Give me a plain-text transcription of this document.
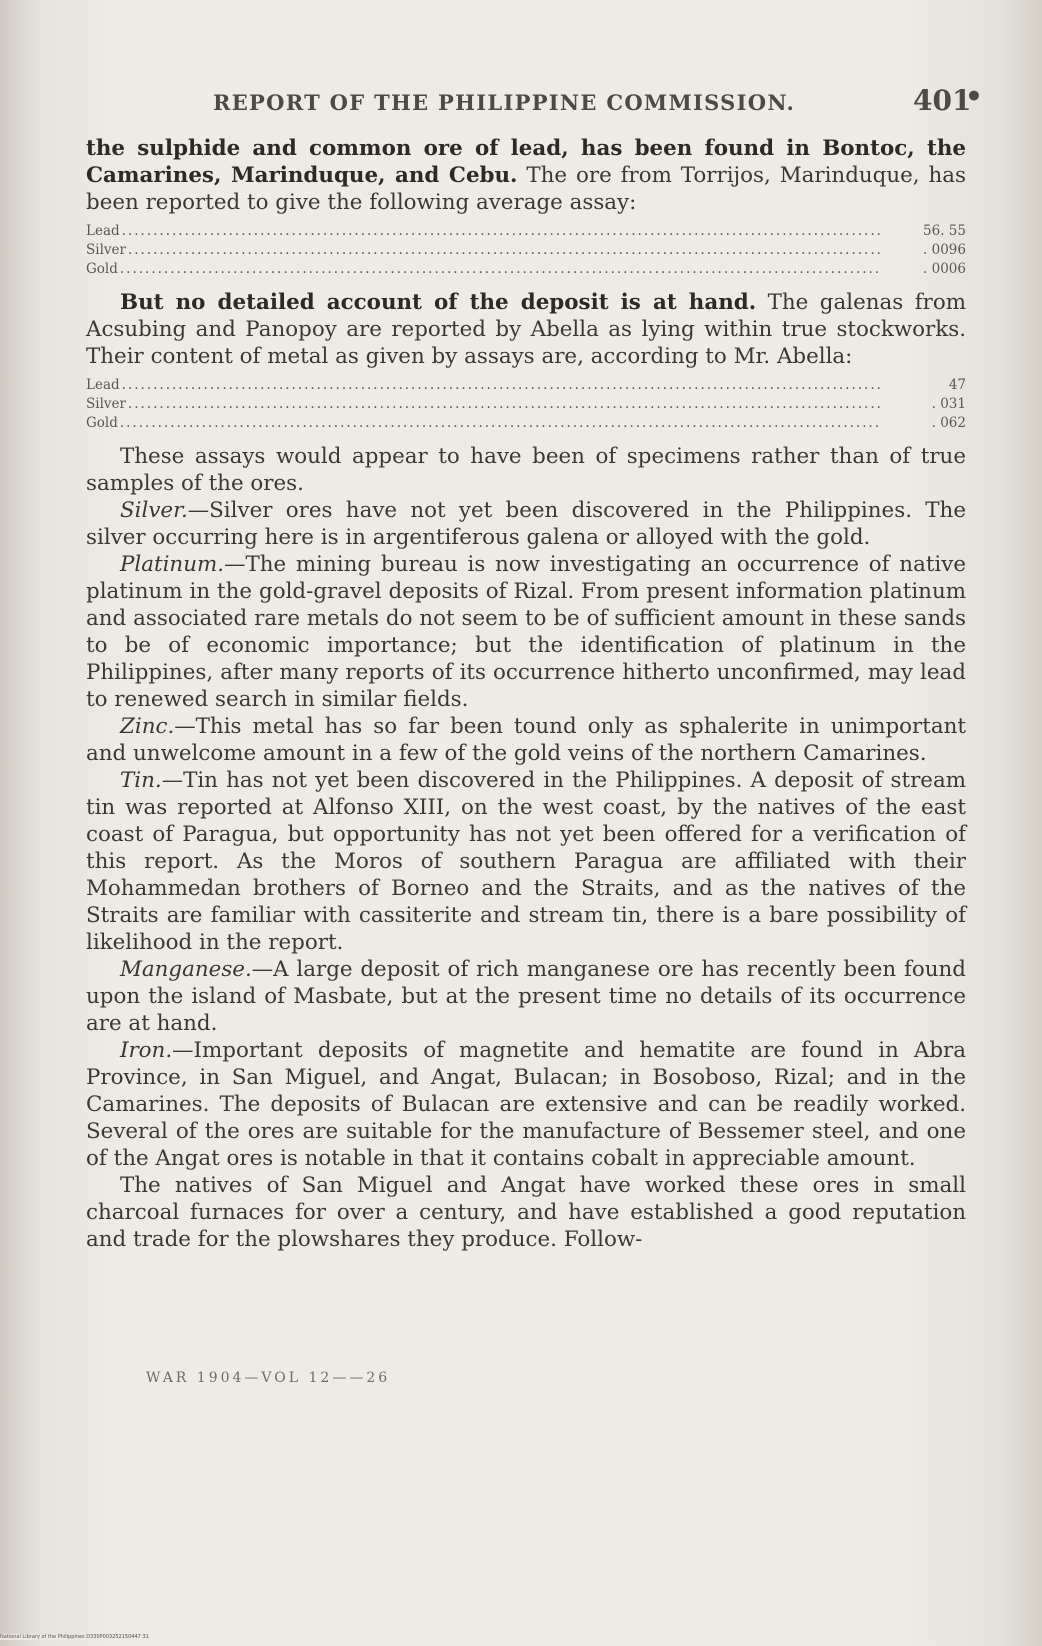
REPORT OF THE PHILIPPINE COMMISSION.	401
•

the sulphide and common ore of lead, has been found in Bontoc, the Camarines, Marinduque, and Cebu. The ore from Torrijos, Marinduque, has been reported to give the following average assay:

Lead .....	56. 55
Silver .....	. 0096
Gold .....	. 0006

But no detailed account of the deposit is at hand. The galenas from Acsubing and Panopoy are reported by Abella as lying within true stockworks. Their content of metal as given by assays are, according to Mr. Abella:

Lead .....	47
Silver .....	. 031
Gold .....	. 062

These assays would appear to have been of specimens rather than of true samples of the ores.

Silver.—Silver ores have not yet been discovered in the Philippines. The silver occurring here is in argentiferous galena or alloyed with the gold.

Platinum.—The mining bureau is now investigating an occurrence of native platinum in the gold-gravel deposits of Rizal. From present information platinum and associated rare metals do not seem to be of sufficient amount in these sands to be of economic importance; but the identification of platinum in the Philippines, after many reports of its occurrence hitherto unconfirmed, may lead to renewed search in similar fields.

Zinc.—This metal has so far been tound only as sphalerite in unimportant and unwelcome amount in a few of the gold veins of the northern Camarines.

Tin.—Tin has not yet been discovered in the Philippines. A deposit of stream tin was reported at Alfonso XIII, on the west coast, by the natives of the east coast of Paragua, but opportunity has not yet been offered for a verification of this report. As the Moros of southern Paragua are affiliated with their Mohammedan brothers of Borneo and the Straits, and as the natives of the Straits are familiar with cassiterite and stream tin, there is a bare possibility of likelihood in the report.

Manganese.—A large deposit of rich manganese ore has recently been found upon the island of Masbate, but at the present time no details of its occurrence are at hand.

Iron.—Important deposits of magnetite and hematite are found in Abra Province, in San Miguel, and Angat, Bulacan; in Bosoboso, Rizal; and in the Camarines. The deposits of Bulacan are extensive and can be readily worked. Several of the ores are suitable for the manufacture of Bessemer steel, and one of the Angat ores is notable in that it contains cobalt in appreciable amount.

The natives of San Miguel and Angat have worked these ores in small charcoal furnaces for over a century, and have established a good reputation and trade for the plowshares they produce. Follow-

WAR 1904—VOL 12——26
National Library of the Philippines D330P003252150447 31
